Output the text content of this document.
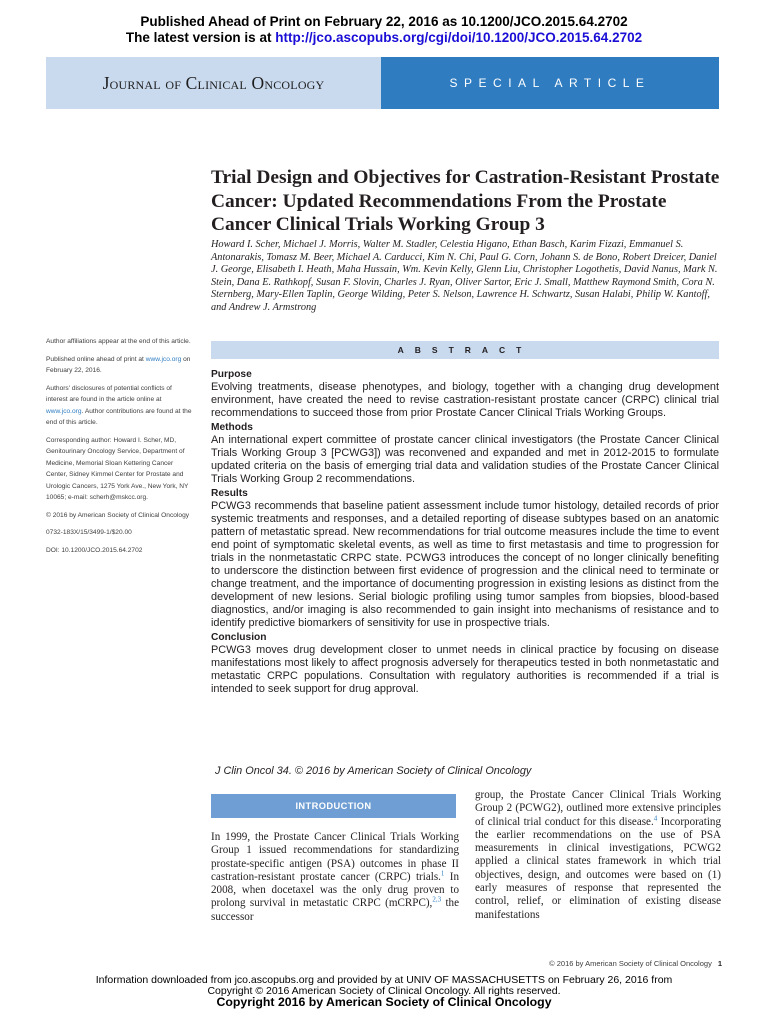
Published Ahead of Print on February 22, 2016 as 10.1200/JCO.2015.64.2702
The latest version is at http://jco.ascopubs.org/cgi/doi/10.1200/JCO.2015.64.2702
Journal of Clinical Oncology	SPECIAL ARTICLE
Trial Design and Objectives for Castration-Resistant Prostate Cancer: Updated Recommendations From the Prostate Cancer Clinical Trials Working Group 3
Howard I. Scher, Michael J. Morris, Walter M. Stadler, Celestia Higano, Ethan Basch, Karim Fizazi, Emmanuel S. Antonarakis, Tomasz M. Beer, Michael A. Carducci, Kim N. Chi, Paul G. Corn, Johann S. de Bono, Robert Dreicer, Daniel J. George, Elisabeth I. Heath, Maha Hussain, Wm. Kevin Kelly, Glenn Liu, Christopher Logothetis, David Nanus, Mark N. Stein, Dana E. Rathkopf, Susan F. Slovin, Charles J. Ryan, Oliver Sartor, Eric J. Small, Matthew Raymond Smith, Cora N. Sternberg, Mary-Ellen Taplin, George Wilding, Peter S. Nelson, Lawrence H. Schwartz, Susan Halabi, Philip W. Kantoff, and Andrew J. Armstrong

Author affiliations appear at the end of this article.

Published online ahead of print at www.jco.org on February 22, 2016.

Authors' disclosures of potential conflicts of interest are found in the article online at www.jco.org. Author contributions are found at the end of this article.

Corresponding author: Howard I. Scher, MD, Genitourinary Oncology Service, Department of Medicine, Memorial Sloan Kettering Cancer Center, Sidney Kimmel Center for Prostate and Urologic Cancers, 1275 York Ave., New York, NY 10065; e-mail: scherh@mskcc.org.

© 2016 by American Society of Clinical Oncology

0732-183X/15/3499-1/$20.00

DOI: 10.1200/JCO.2015.64.2702

ABSTRACT
Purpose

Evolving treatments, disease phenotypes, and biology, together with a changing drug development environment, have created the need to revise castration-resistant prostate cancer (CRPC) clinical trial recommendations to succeed those from prior Prostate Cancer Clinical Trials Working Groups.

Methods

An international expert committee of prostate cancer clinical investigators (the Prostate Cancer Clinical Trials Working Group 3 [PCWG3]) was reconvened and expanded and met in 2012-2015 to formulate updated criteria on the basis of emerging trial data and validation studies of the Prostate Cancer Clinical Trials Working Group 2 recommendations.

Results

PCWG3 recommends that baseline patient assessment include tumor histology, detailed records of prior systemic treatments and responses, and a detailed reporting of disease subtypes based on an anatomic pattern of metastatic spread. New recommendations for trial outcome measures include the time to event end point of symptomatic skeletal events, as well as time to first metastasis and time to progression for trials in the nonmetastatic CRPC state. PCWG3 introduces the concept of no longer clinically benefiting to underscore the distinction between first evidence of progression and the clinical need to terminate or change treatment, and the importance of documenting progression in existing lesions as distinct from the development of new lesions. Serial biologic profiling using tumor samples from biopsies, blood-based diagnostics, and/or imaging is also recommended to gain insight into mechanisms of resistance and to identify predictive biomarkers of sensitivity for use in prospective trials.

Conclusion

PCWG3 moves drug development closer to unmet needs in clinical practice by focusing on disease manifestations most likely to affect prognosis adversely for therapeutics tested in both nonmetastatic and metastatic CRPC populations. Consultation with regulatory authorities is recommended if a trial is intended to seek support for drug approval.

J Clin Oncol 34. © 2016 by American Society of Clinical Oncology
INTRODUCTION
In 1999, the Prostate Cancer Clinical Trials Working Group 1 issued recommendations for standardizing prostate-specific antigen (PSA) outcomes in phase II castration-resistant prostate cancer (CRPC) trials.$^1$ In 2008, when docetaxel was the only drug proven to prolong survival in metastatic CRPC (mCRPC),$^{2,3}$ the successor
group, the Prostate Cancer Clinical Trials Working Group 2 (PCWG2), outlined more extensive principles of clinical trial conduct for this disease.$^4$ Incorporating the earlier recommendations on the use of PSA measurements in clinical investigations, PCWG2 applied a clinical states framework in which trial objectives, design, and outcomes were based on (1) early measures of response that represented the control, relief, or elimination of existing disease manifestations
© 2016 by American Society of Clinical Oncology 1
Information downloaded from jco.ascopubs.org and provided by at UNIV OF MASSACHUSETTS on February 26, 2016 from
Copyright © 2016 American Society of Clinical Oncology. All rights reserved.
Copyright 2016 by American Society of Clinical Oncology
